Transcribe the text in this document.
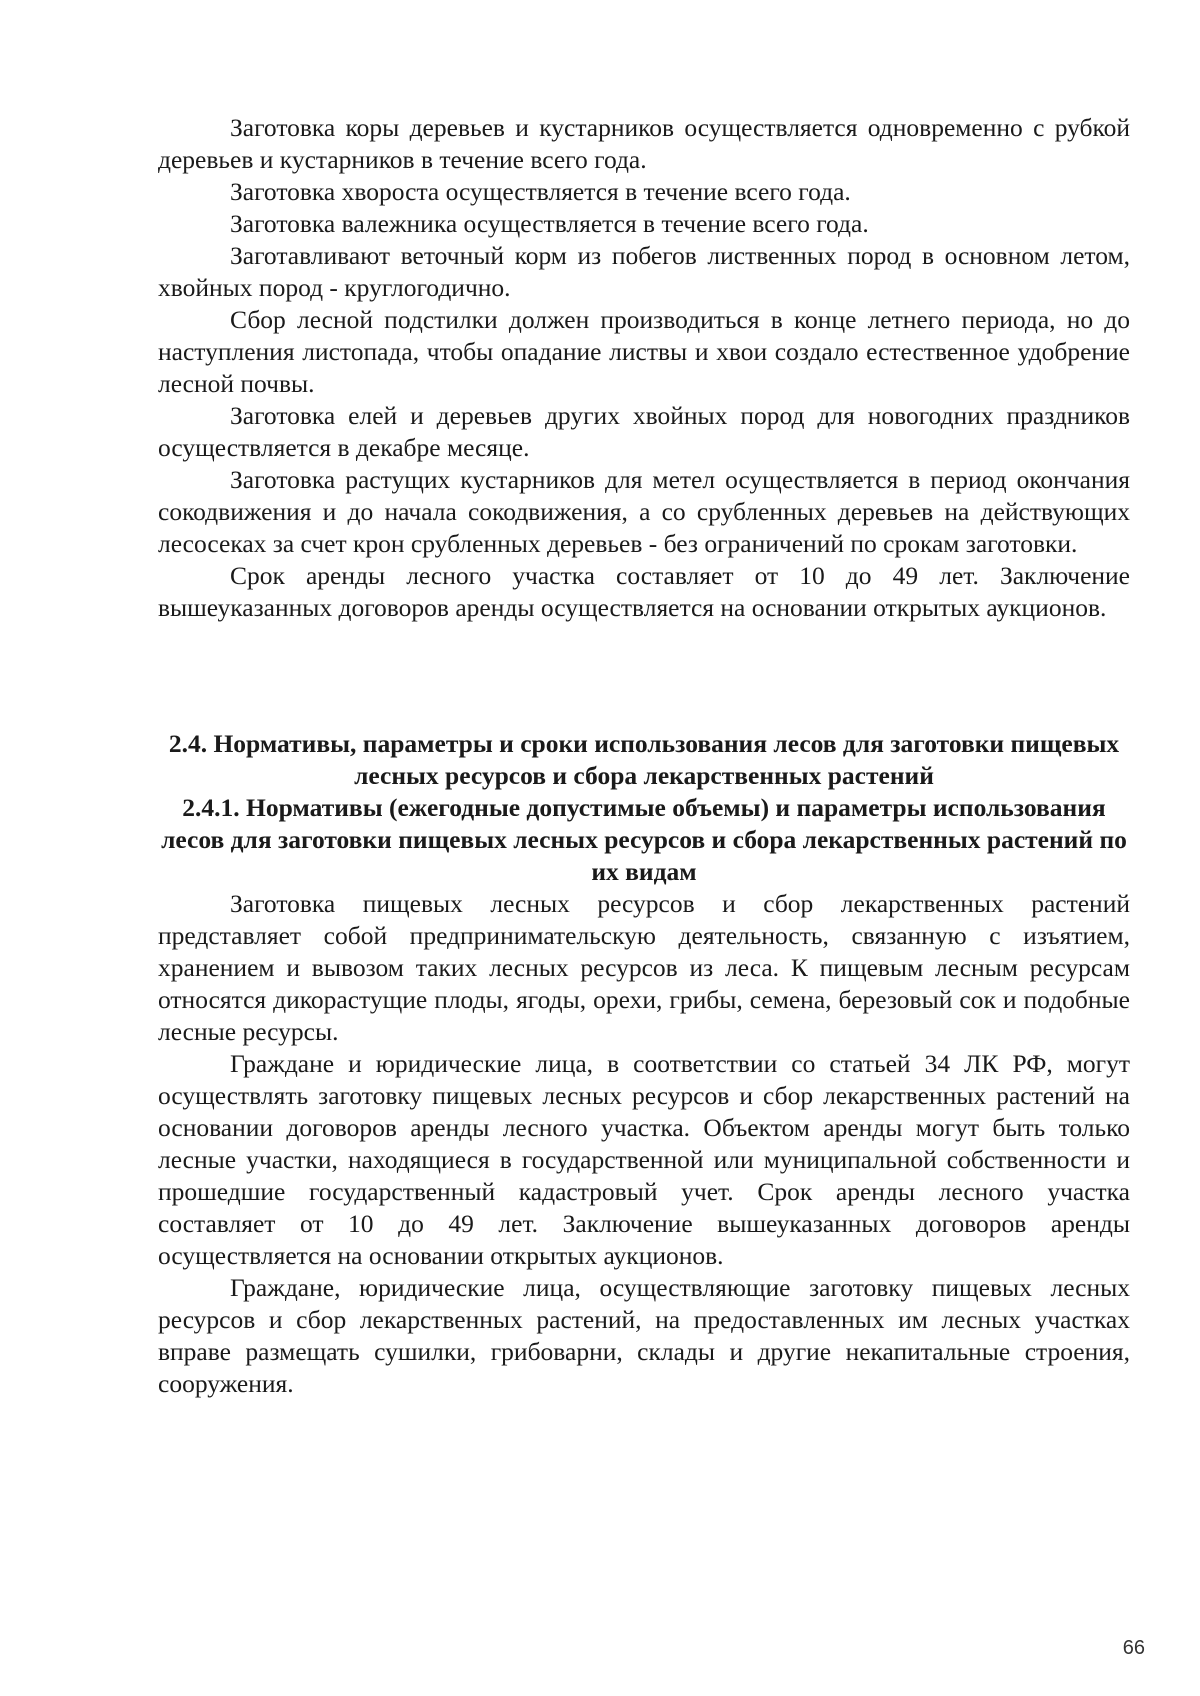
Заготовка коры деревьев и кустарников осуществляется одновременно с рубкой деревьев и кустарников в течение всего года.

Заготовка хвороста осуществляется в течение всего года.

Заготовка валежника осуществляется в течение всего года.

Заготавливают веточный корм из побегов лиственных пород в основном летом, хвойных пород - круглогодично.

Сбор лесной подстилки должен производиться в конце летнего периода, но до наступления листопада, чтобы опадание листвы и хвои создало естественное удобрение лесной почвы.

Заготовка елей и деревьев других хвойных пород для новогодних праздников осуществляется в декабре месяце.

Заготовка растущих кустарников для метел осуществляется в период окончания сокодвижения и до начала сокодвижения, а со срубленных деревьев на действующих лесосеках за счет крон срубленных деревьев - без ограничений по срокам заготовки.

Срок аренды лесного участка составляет от 10 до 49 лет. Заключение вышеуказанных договоров аренды осуществляется на основании открытых аукционов.

2.4. Нормативы, параметры и сроки использования лесов для заготовки пищевых лесных ресурсов и сбора лекарственных растений
2.4.1. Нормативы (ежегодные допустимые объемы) и параметры использования лесов для заготовки пищевых лесных ресурсов и сбора лекарственных растений по их видам

Заготовка пищевых лесных ресурсов и сбор лекарственных растений представляет собой предпринимательскую деятельность, связанную с изъятием, хранением и вывозом таких лесных ресурсов из леса. К пищевым лесным ресурсам относятся дикорастущие плоды, ягоды, орехи, грибы, семена, березовый сок и подобные лесные ресурсы.

Граждане и юридические лица, в соответствии со статьей 34 ЛК РФ, могут осуществлять заготовку пищевых лесных ресурсов и сбор лекарственных растений на основании договоров аренды лесного участка. Объектом аренды могут быть только лесные участки, находящиеся в государственной или муниципальной собственности и прошедшие государственный кадастровый учет. Срок аренды лесного участка составляет от 10 до 49 лет. Заключение вышеуказанных договоров аренды осуществляется на основании открытых аукционов.

Граждане, юридические лица, осуществляющие заготовку пищевых лесных ресурсов и сбор лекарственных растений, на предоставленных им лесных участках вправе размещать сушилки, грибоварни, склады и другие некапитальные строения, сооружения.

66
